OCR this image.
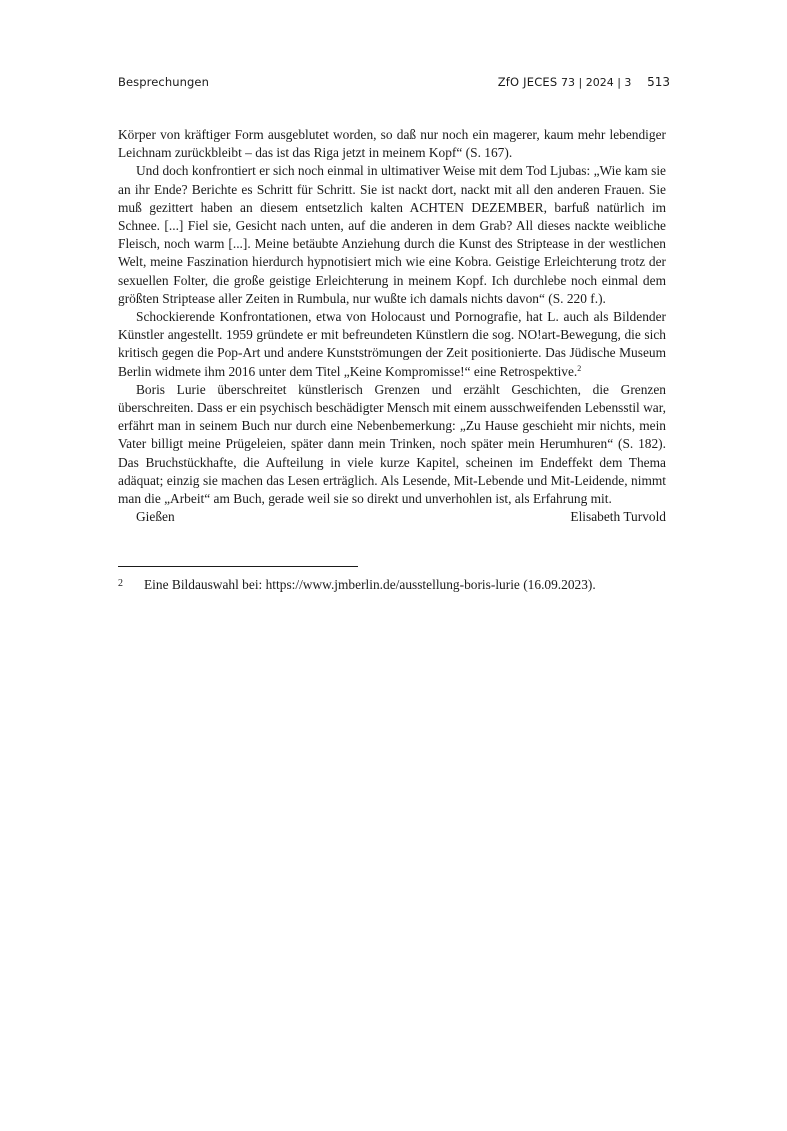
Besprechungen	ZfO JECES 73 | 2024 | 3 513

Körper von kräftiger Form ausgeblutet worden, so daß nur noch ein magerer, kaum mehr lebendiger Leichnam zurückbleibt – das ist das Riga jetzt in meinem Kopf“ (S. 167).

Und doch konfrontiert er sich noch einmal in ultimativer Weise mit dem Tod Ljubas: „Wie kam sie an ihr Ende? Berichte es Schritt für Schritt. Sie ist nackt dort, nackt mit all den anderen Frauen. Sie muß gezittert haben an diesem entsetzlich kalten ACHTEN DEZEMBER, barfuß natürlich im Schnee. [...] Fiel sie, Gesicht nach unten, auf die anderen in dem Grab? All dieses nackte weibliche Fleisch, noch warm [...]. Meine betäubte Anziehung durch die Kunst des Striptease in der westlichen Welt, meine Faszination hierdurch hypnotisiert mich wie eine Kobra. Geistige Erleichterung trotz der sexuellen Folter, die große geistige Erleichterung in meinem Kopf. Ich durchlebe noch einmal dem größten Striptease aller Zeiten in Rumbula, nur wußte ich damals nichts davon“ (S. 220 f.).

Schockierende Konfrontationen, etwa von Holocaust und Pornografie, hat L. auch als Bildender Künstler angestellt. 1959 gründete er mit befreundeten Künstlern die sog. NO!art-Bewegung, die sich kritisch gegen die Pop-Art und andere Kunstströmungen der Zeit positionierte. Das Jüdische Museum Berlin widmete ihm 2016 unter dem Titel „Keine Kompromisse!“ eine Retrospektive.$^2$

Boris Lurie überschreitet künstlerisch Grenzen und erzählt Geschichten, die Grenzen überschreiten. Dass er ein psychisch beschädigter Mensch mit einem ausschweifenden Lebensstil war, erfährt man in seinem Buch nur durch eine Nebenbemerkung: „Zu Hause geschieht mir nichts, mein Vater billigt meine Prügeleien, später dann mein Trinken, noch später mein Herumhuren“ (S. 182). Das Bruchstückhafte, die Aufteilung in viele kurze Kapitel, scheinen im Endeffekt dem Thema adäquat; einzig sie machen das Lesen erträglich. Als Lesende, Mit-Lebende und Mit-Leidende, nimmt man die „Arbeit“ am Buch, gerade weil sie so direkt und unverhohlen ist, als Erfahrung mit.

Gießen	Elisabeth Turvold
2 Eine Bildauswahl bei: https://www.jmberlin.de/ausstellung-boris-lurie (16.09.2023).
